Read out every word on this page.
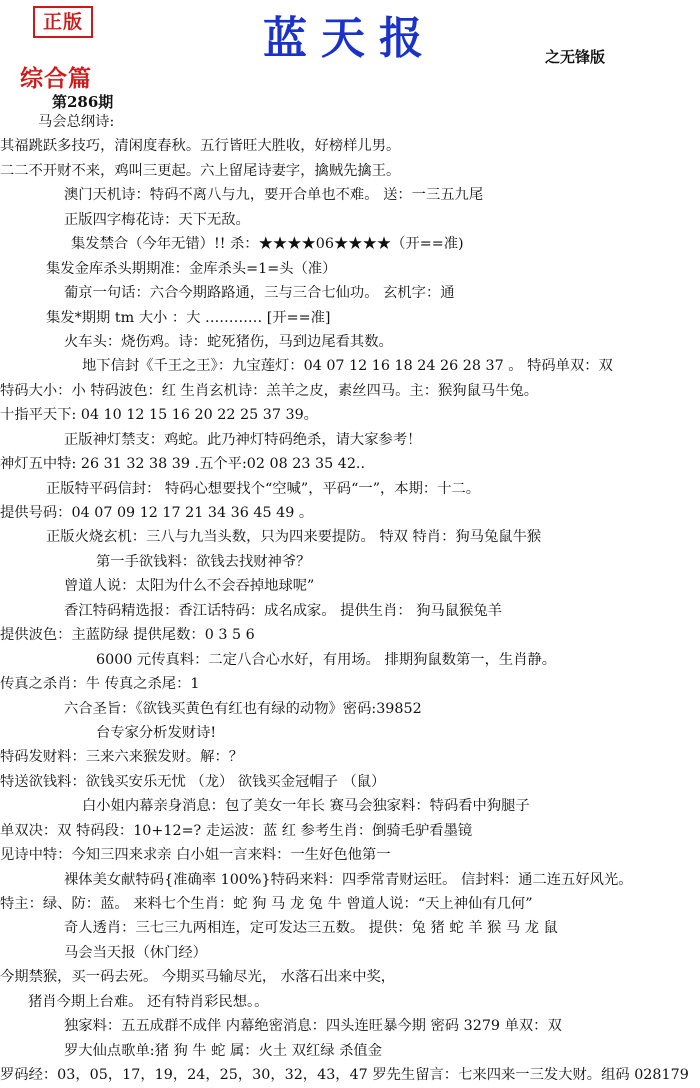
正版	蓝天报	之无锋版
综合篇
第286期
马会总纲诗:
其福跳跃多技巧，清闲度春秋。五行皆旺大胜收，好榜样儿男。
二二不开财不来，鸡叫三更起。六上留尾诗妻字，擒贼先擒王。
澳门天机诗：特码不离八与九，要开合单也不难。 送：一三五九尾
正版四字梅花诗：天下无敌。
集发禁合（今年无错）!! 杀：★★★★06★★★★（开==准)
集发金库杀头期期准：金库杀头=1=头（准）
葡京一句话：六合今期路路通，三与三合七仙功。 玄机字：通
集发*期期 tm 大小 ：大 ………… [开==准]
火车头：烧伤鸡。诗：蛇死猪伤，马到边尾看其数。
地下信封《千王之王》：九宝莲灯：04 07 12 16 18 24 26 28 37 。 特码单双：双
特码大小：小 特码波色：红 生肖玄机诗：羔羊之皮，素丝四马。主：猴狗鼠马牛兔。
十指平天下: 04 10 12 15 16 20 22 25 37 39。
正版神灯禁支：鸡蛇。此乃神灯特码绝杀，请大家参考！
神灯五中特: 26 31 32 38 39 .五个平:02 08 23 35 42..
正版特平码信封： 特码心想要找个“空喊”，平码“一”，本期：十二。
提供号码：04 07 09 12 17 21 34 36 45 49 。
正版火烧玄机：三八与九当头数，只为四来要提防。 特双 特肖：狗马兔鼠牛猴
第一手欲钱料：欲钱去找财神爷？
曾道人说：太阳为什么不会吞掉地球呢”
香江特码精选报：香江话特码：成名成家。 提供生肖： 狗马鼠猴兔羊
提供波色：主蓝防绿 提供尾数：0 3 5 6
6000 元传真料：二定八合心水好，有用场。 排期狗鼠数第一，生肖静。
传真之杀肖：牛 传真之杀尾：1
六合圣旨：《欲钱买黄色有红也有绿的动物》密码:39852
台专家分析发财诗!
特码发财料：三来六来猴发财。解：？
特送欲钱料：欲钱买安乐无忧 （龙） 欲钱买金冠帽子 （鼠）
白小姐内幕亲身消息：包了美女一年长 赛马会独家料：特码看中狗腿子
单双决：双 特码段：10+12=? 走运波：蓝 红 参考生肖：倒骑毛驴看墨镜
见诗中特：今知三四来求亲 白小姐一言来料：一生好色他第一
裸体美女献特码{准确率 100%}特码来料：四季常青财运旺。 信封料：通二连五好风光。
特主：绿、防：蓝。 来料七个生肖：蛇 狗 马 龙 兔 牛 曾道人说：“天上神仙有几何”
奇人透肖：三七三九两相连，定可发达三五数。 提供：兔 猪 蛇 羊 猴 马 龙 鼠
马会当天报（休门经）
今期禁猴，买一码去死。 今期买马输尽光， 水落石出来中奖，
猪肖今期上台难。 还有特肖彩民想。。
独家料：五五成群不成伴 内幕绝密消息：四头连旺暴今期 密码 3279 单双：双
罗大仙点歌单:猪 狗 牛 蛇 属：火土 双红绿 杀值金
罗码经：03，05，17，19，24，25，30，32，43，47 罗先生留言：七来四来一三发大财。组码 028179
